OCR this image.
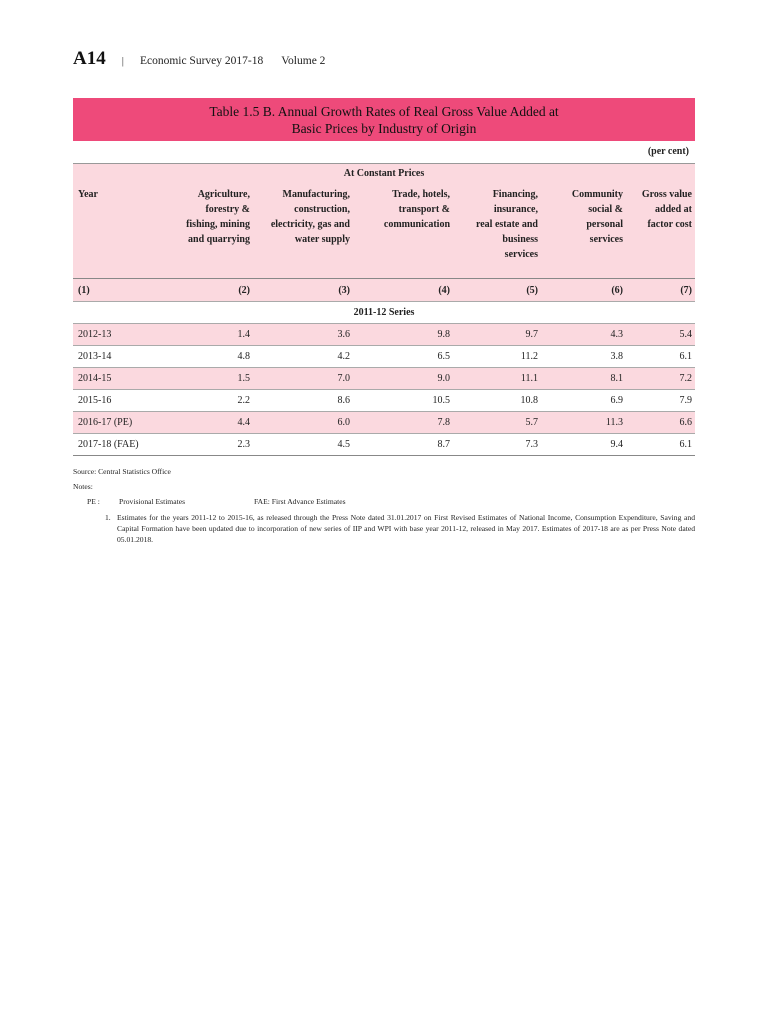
A14 | Economic Survey 2017-18 Volume 2
Table 1.5 B. Annual Growth Rates of Real Gross Value Added at
Basic Prices by Industry of Origin
(per cent)
At Constant Prices
Year	Agriculture, forestry & fishing, mining and quarrying	Manufacturing, construction, electricity, gas and water supply	Trade, hotels, transport & communication	Financing, insurance, real estate and business services	Community social & personal services	Gross value added at factor cost
(1)	(2)	(3)	(4)	(5)	(6)	(7)
2011-12 Series						
2012-13	1.4	3.6	9.8	9.7	4.3	5.4
2013-14	4.8	4.2	6.5	11.2	3.8	6.1
2014-15	1.5	7.0	9.0	11.1	8.1	7.2
2015-16	2.2	8.6	10.5	10.8	6.9	7.9
2016-17 (PE)	4.4	6.0	7.8	5.7	11.3	6.6
2017-18 (FAE)	2.3	4.5	8.7	7.3	9.4	6.1
Source: Central Statistics Office
Notes:
PE :	Provisional Estimates	FAE: First Advance Estimates
1. Estimates for the years 2011-12 to 2015-16, as released through the Press Note dated 31.01.2017 on First Revised Estimates of National Income, Consumption Expenditure, Saving and Capital Formation have been updated due to incorporation of new series of IIP and WPI with base year 2011-12, released in May 2017. Estimates of 2017-18 are as per Press Note dated 05.01.2018.
